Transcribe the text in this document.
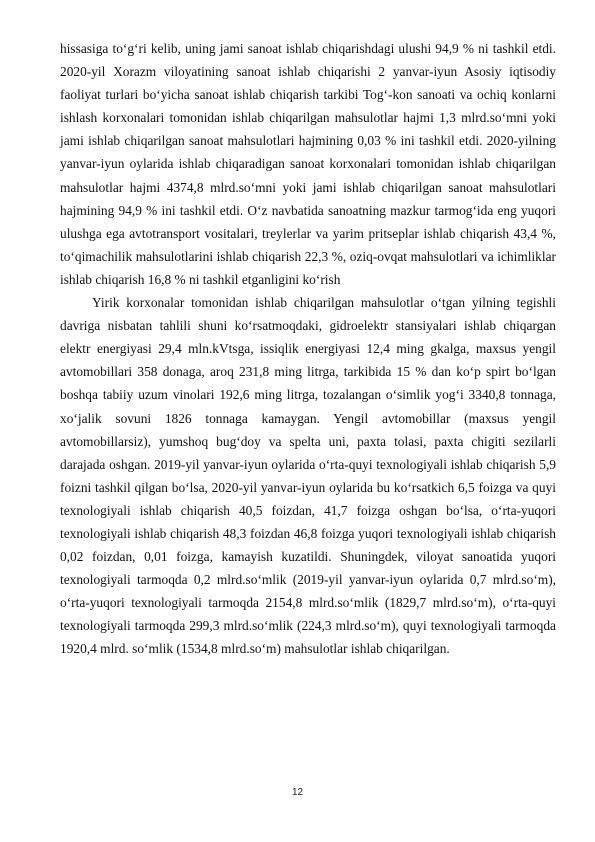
hissasiga to‘g‘ri kelib, uning jami sanoat ishlab chiqarishdagi ulushi 94,9 % ni tashkil etdi. 2020-yil Xorazm viloyatining sanoat ishlab chiqarishi 2 yanvar-iyun Asosiy iqtisodiy faoliyat turlari bo‘yicha sanoat ishlab chiqarish tarkibi Tog‘-kon sanoati va ochiq konlarni ishlash korxonalari tomonidan ishlab chiqarilgan mahsulotlar hajmi 1,3 mlrd.so‘mni yoki jami ishlab chiqarilgan sanoat mahsulotlari hajmining 0,03 % ini tashkil etdi. 2020-yilning yanvar-iyun oylarida ishlab chiqaradigan sanoat korxonalari tomonidan ishlab chiqarilgan mahsulotlar hajmi 4374,8 mlrd.so‘mni yoki jami ishlab chiqarilgan sanoat mahsulotlari hajmining 94,9 % ini tashkil etdi. O‘z navbatida sanoatning mazkur tarmog‘ida eng yuqori ulushga ega avtotransport vositalari, treylerlar va yarim pritseplar ishlab chiqarish 43,4 %, to‘qimachilik mahsulotlarini ishlab chiqarish 22,3 %, oziq-ovqat mahsulotlari va ichimliklar ishlab chiqarish 16,8 % ni tashkil etganligini ko‘rish

Yirik korxonalar tomonidan ishlab chiqarilgan mahsulotlar o‘tgan yilning tegishli davriga nisbatan tahlili shuni ko‘rsatmoqdaki, gidroelektr stansiyalari ishlab chiqargan elektr energiyasi 29,4 mln.kVtsga, issiqlik energiyasi 12,4 ming gkalga, maxsus yengil avtomobillari 358 donaga, aroq 231,8 ming litrga, tarkibida 15 % dan ko‘p spirt bo‘lgan boshqa tabiiy uzum vinolari 192,6 ming litrga, tozalangan o‘simlik yog‘i 3340,8 tonnaga, xo‘jalik sovuni 1826 tonnaga kamaygan. Yengil avtomobillar (maxsus yengil avtomobillarsiz), yumshoq bug‘doy va spelta uni, paxta tolasi, paxta chigiti sezilarli darajada oshgan. 2019-yil yanvar-iyun oylarida o‘rta-quyi texnologiyali ishlab chiqarish 5,9 foizni tashkil qilgan bo‘lsa, 2020-yil yanvar-iyun oylarida bu ko‘rsatkich 6,5 foizga va quyi texnologiyali ishlab chiqarish 40,5 foizdan, 41,7 foizga oshgan bo‘lsa, o‘rta-yuqori texnologiyali ishlab chiqarish 48,3 foizdan 46,8 foizga yuqori texnologiyali ishlab chiqarish 0,02 foizdan, 0,01 foizga, kamayish kuzatildi. Shuningdek, viloyat sanoatida yuqori texnologiyali tarmoqda 0,2 mlrd.so‘mlik (2019-yil yanvar-iyun oylarida 0,7 mlrd.so‘m), o‘rta-yuqori texnologiyali tarmoqda 2154,8 mlrd.so‘mlik (1829,7 mlrd.so‘m), o‘rta-quyi texnologiyali tarmoqda 299,3 mlrd.so‘mlik (224,3 mlrd.so‘m), quyi texnologiyali tarmoqda 1920,4 mlrd. so‘mlik (1534,8 mlrd.so‘m) mahsulotlar ishlab chiqarilgan.

12
